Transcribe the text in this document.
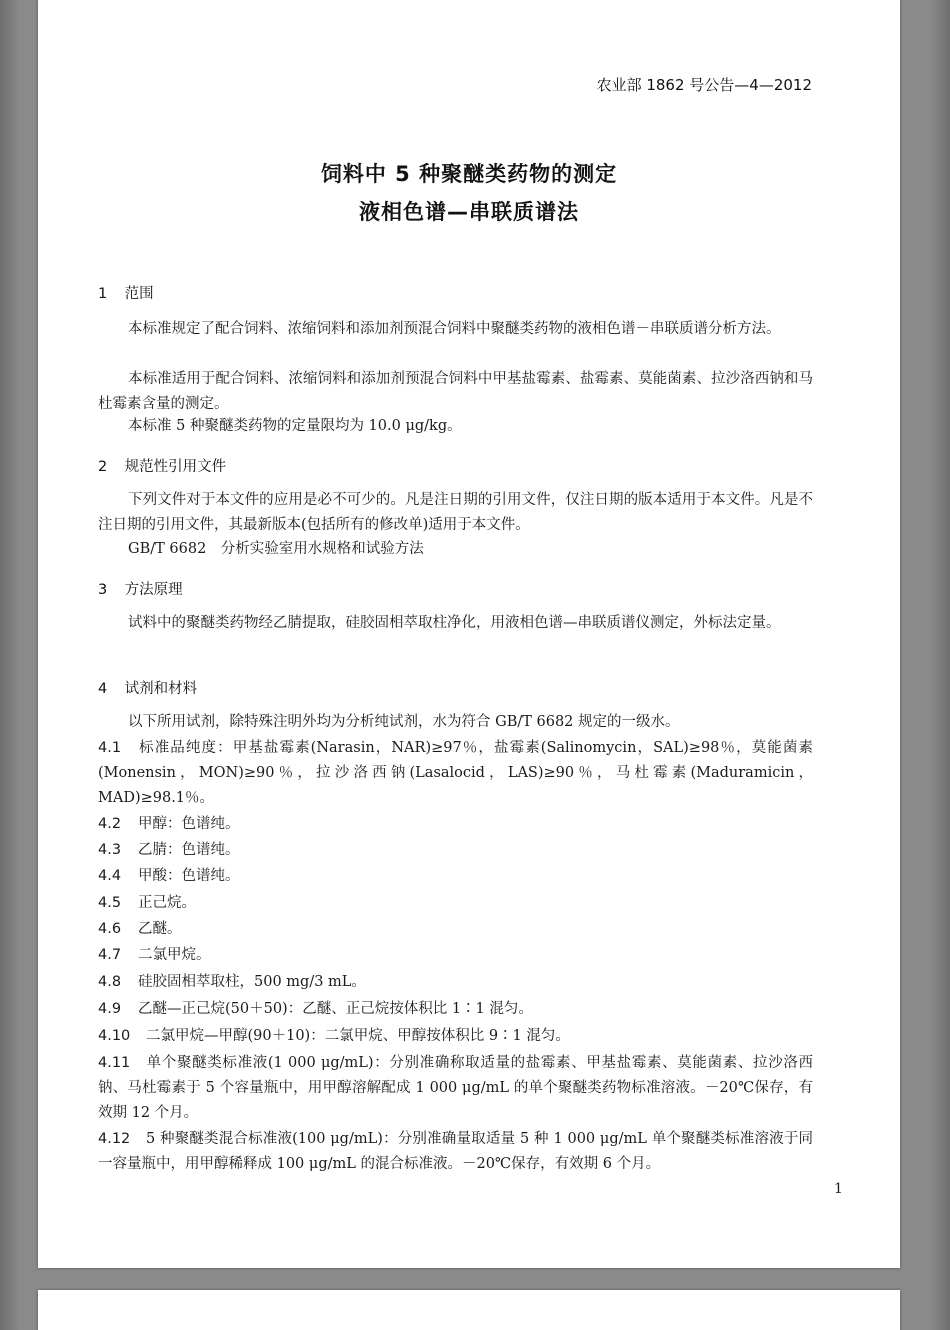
农业部 1862 号公告—4—2012
饲料中 5 种聚醚类药物的测定
液相色谱—串联质谱法
1 范围
本标准规定了配合饲料、浓缩饲料和添加剂预混合饲料中聚醚类药物的液相色谱－串联质谱分析方法。
本标准适用于配合饲料、浓缩饲料和添加剂预混合饲料中甲基盐霉素、盐霉素、莫能菌素、拉沙洛西钠和马杜霉素含量的测定。
本标准 5 种聚醚类药物的定量限均为 10.0 μg/kg。
2 规范性引用文件
下列文件对于本文件的应用是必不可少的。凡是注日期的引用文件，仅注日期的版本适用于本文件。凡是不注日期的引用文件，其最新版本(包括所有的修改单)适用于本文件。
GB/T 6682　分析实验室用水规格和试验方法
3 方法原理
试料中的聚醚类药物经乙腈提取，硅胶固相萃取柱净化，用液相色谱—串联质谱仪测定，外标法定量。
4 试剂和材料
以下所用试剂，除特殊注明外均为分析纯试剂，水为符合 GB/T 6682 规定的一级水。
4.1 标准品纯度：甲基盐霉素(Narasin，NAR)≥97％，盐霉素(Salinomycin，SAL)≥98％，莫能菌素(Monensin，MON)≥90％，拉沙洛西钠(Lasalocid，LAS)≥90％，马杜霉素(Maduramicin，MAD)≥98.1％。
4.2 甲醇：色谱纯。
4.3 乙腈：色谱纯。
4.4 甲酸：色谱纯。
4.5 正己烷。
4.6 乙醚。
4.7 二氯甲烷。
4.8 硅胶固相萃取柱，500 mg/3 mL。
4.9 乙醚—正己烷(50＋50)：乙醚、正己烷按体积比 1∶1 混匀。
4.10 二氯甲烷—甲醇(90＋10)：二氯甲烷、甲醇按体积比 9∶1 混匀。
4.11 单个聚醚类标准液(1 000 μg/mL)：分别准确称取适量的盐霉素、甲基盐霉素、莫能菌素、拉沙洛西钠、马杜霉素于 5 个容量瓶中，用甲醇溶解配成 1 000 μg/mL 的单个聚醚类药物标准溶液。－20℃保存，有效期 12 个月。
4.12 5 种聚醚类混合标准液(100 μg/mL)：分别准确量取适量 5 种 1 000 μg/mL 单个聚醚类标准溶液于同一容量瓶中，用甲醇稀释成 100 μg/mL 的混合标准液。－20℃保存，有效期 6 个月。
1
